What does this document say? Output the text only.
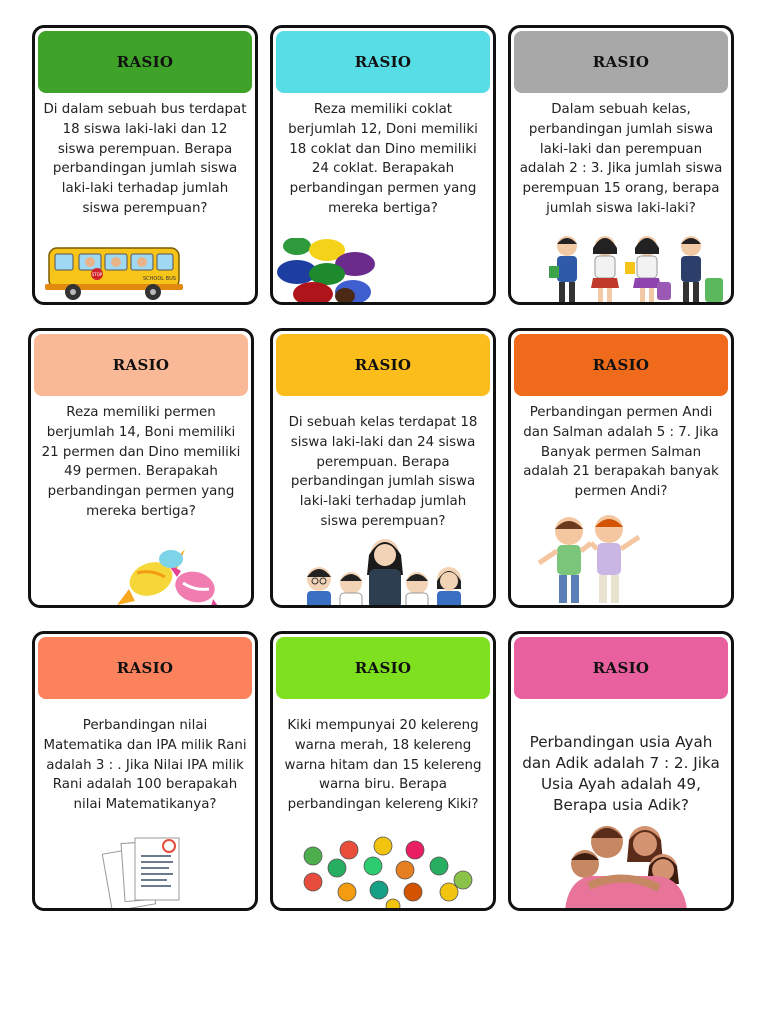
RASIO
Di dalam sebuah bus terdapat 18 siswa laki-laki dan 12 siswa perempuan. Berapa perbandingan jumlah siswa laki-laki terhadap jumlah siswa perempuan?
STOP
SCHOOL BUS
RASIO
Reza memiliki coklat berjumlah 12, Doni memiliki 18 coklat dan Dino memiliki 24 coklat. Berapakah perbandingan permen yang mereka bertiga?
RASIO
Dalam sebuah kelas, perbandingan jumlah siswa laki-laki dan perempuan adalah 2 : 3. Jika jumlah siswa perempuan 15 orang, berapa jumlah siswa laki-laki?
RASIO
Reza memiliki permen berjumlah 14, Boni memiliki 21 permen dan Dino memiliki 49 permen. Berapakah perbandingan permen yang mereka bertiga?
RASIO
Di sebuah kelas terdapat 18 siswa laki-laki dan 24 siswa perempuan. Berapa perbandingan jumlah siswa laki-laki terhadap jumlah siswa perempuan?
RASIO
Perbandingan permen Andi dan Salman adalah 5 : 7. Jika Banyak permen Salman adalah 21 berapakah banyak permen Andi?
RASIO
Perbandingan nilai Matematika dan IPA milik Rani adalah 3 : . Jika Nilai IPA milik Rani adalah 100 berapakah nilai Matematikanya?
RASIO
Kiki mempunyai 20 kelereng warna merah, 18 kelereng warna hitam dan 15 kelereng warna biru. Berapa perbandingan kelereng Kiki?
RASIO
Perbandingan usia Ayah dan Adik adalah 7 : 2. Jika Usia Ayah adalah 49, Berapa usia Adik?
